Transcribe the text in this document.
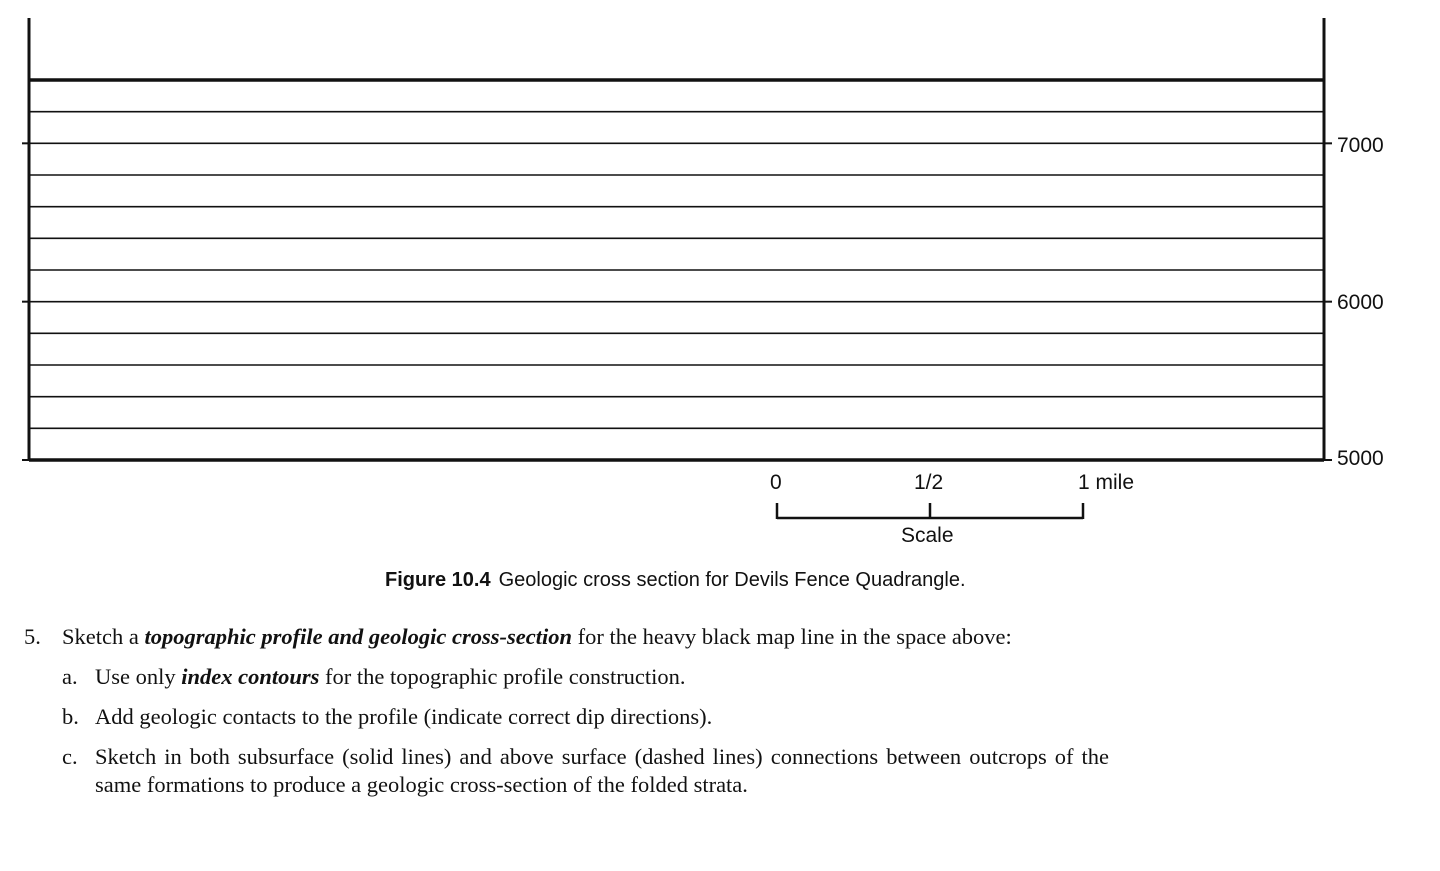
7000
6000
5000
0	1/2	1 mile
Scale
Figure 10.4 Geologic cross section for Devils Fence Quadrangle.
5. Sketch a topographic profile and geologic cross-section for the heavy black map line in the space above:
a. Use only index contours for the topographic profile construction.
b. Add geologic contacts to the profile (indicate correct dip directions).
c. Sketch in both subsurface (solid lines) and above surface (dashed lines) connections between outcrops of the same formations to produce a geologic cross-section of the folded strata.
